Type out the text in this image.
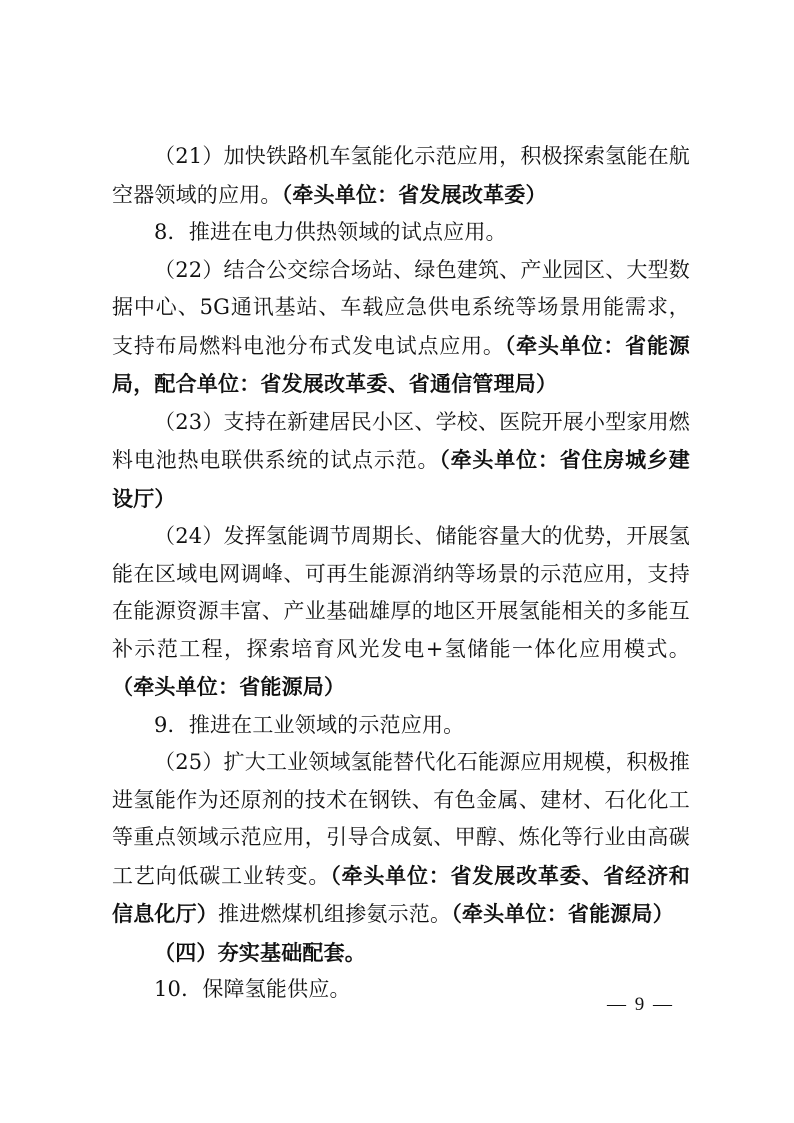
（21）加快铁路机车氢能化示范应用，积极探索氢能在航空器领域的应用。（牵头单位：省发展改革委）

8．推进在电力供热领域的试点应用。

（22）结合公交综合场站、绿色建筑、产业园区、大型数据中心、5G通讯基站、车载应急供电系统等场景用能需求，支持布局燃料电池分布式发电试点应用。（牵头单位：省能源局，配合单位：省发展改革委、省通信管理局）

（23）支持在新建居民小区、学校、医院开展小型家用燃料电池热电联供系统的试点示范。（牵头单位：省住房城乡建设厅）

（24）发挥氢能调节周期长、储能容量大的优势，开展氢能在区域电网调峰、可再生能源消纳等场景的示范应用，支持在能源资源丰富、产业基础雄厚的地区开展氢能相关的多能互补示范工程，探索培育风光发电+氢储能一体化应用模式。（牵头单位：省能源局）

9．推进在工业领域的示范应用。

（25）扩大工业领域氢能替代化石能源应用规模，积极推进氢能作为还原剂的技术在钢铁、有色金属、建材、石化化工等重点领域示范应用，引导合成氨、甲醇、炼化等行业由高碳工艺向低碳工业转变。（牵头单位：省发展改革委、省经济和信息化厅）推进燃煤机组掺氨示范。（牵头单位：省能源局）

（四）夯实基础配套。

10．保障氢能供应。

— 9 —
